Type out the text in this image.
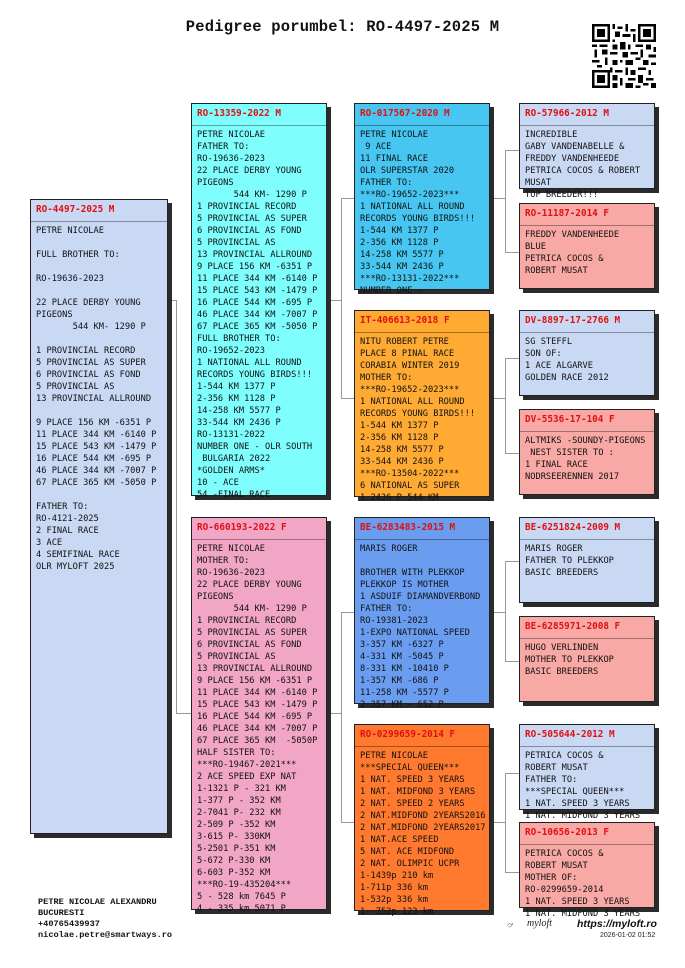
Pedigree porumbel: RO-4497-2025 M
RO-4497-2025 M
PETRE NICOLAE
FULL BROTHER TO:
RO-19636-2023
22 PLACE DERBY YOUNG
PIGEONS
544 KM- 1290 P
1 PROVINCIAL RECORD
5 PROVINCIAL AS SUPER
6 PROVINCIAL AS FOND
5 PROVINCIAL AS
13 PROVINCIAL ALLROUND
9 PLACE 156 KM -6351 P
11 PLACE 344 KM -6140 P
15 PLACE 543 KM -1479 P
16 PLACE 544 KM -695 P
46 PLACE 344 KM -7007 P
67 PLACE 365 KM -5050 P
FATHER TO:
RO-4121-2025
2 FINAL RACE
3 ACE
4 SEMIFINAL RACE
OLR MYLOFT 2025
RO-13359-2022 M
PETRE NICOLAE
FATHER TO:
RO-19636-2023
22 PLACE DERBY YOUNG
PIGEONS
544 KM- 1290 P
1 PROVINCIAL RECORD
5 PROVINCIAL AS SUPER
6 PROVINCIAL AS FOND
5 PROVINCIAL AS
13 PROVINCIAL ALLROUND
9 PLACE 156 KM -6351 P
11 PLACE 344 KM -6140 P
15 PLACE 543 KM -1479 P
16 PLACE 544 KM -695 P
46 PLACE 344 KM -7007 P
67 PLACE 365 KM -5050 P
FULL BROTHER TO:
RO-19652-2023
1 NATIONAL ALL ROUND
RECORDS YOUNG BIRDS!!!
1-544 KM 1377 P
2-356 KM 1128 P
14-258 KM 5577 P
33-544 KM 2436 P
RO-13131-2022
NUMBER ONE - OLR SOUTH
BULGARIA 2022
*GOLDEN ARMS*
10 - ACE
54 -FINAL RACE
RO-660193-2022 F
PETRE NICOLAE
MOTHER TO:
RO-19636-2023
22 PLACE DERBY YOUNG
PIGEONS
544 KM- 1290 P
1 PROVINCIAL RECORD
5 PROVINCIAL AS SUPER
6 PROVINCIAL AS FOND
5 PROVINCIAL AS
13 PROVINCIAL ALLROUND
9 PLACE 156 KM -6351 P
11 PLACE 344 KM -6140 P
15 PLACE 543 KM -1479 P
16 PLACE 544 KM -695 P
46 PLACE 344 KM -7007 P
67 PLACE 365 KM  -5050P
HALF SISTER TO:
***RO-19467-2021***
2 ACE SPEED EXP NAT
1-1321 P - 321 KM
1-377 P - 352 KM
2-7041 P- 232 KM
2-509 P -352 KM
3-615 P- 330KM
5-2501 P-351 KM
5-672 P-330 KM
6-603 P-352 KM
***RO-19-435204***
5 - 528 km 7645 P
4 - 335 km 5071 P
RO-017567-2020 M
PETRE NICOLAE
9 ACE
11 FINAL RACE
OLR SUPERSTAR 2020
FATHER TO:
***RO-19652-2023***
1 NATIONAL ALL ROUND
RECORDS YOUNG BIRDS!!!
1-544 KM 1377 P
2-356 KM 1128 P
14-258 KM 5577 P
33-544 KM 2436 P
***RO-13131-2022***
NUMBER ONE -
IT-406613-2018 F
NITU ROBERT PETRE
PLACE 8 PINAL RACE
CORABIA WINTER 2019
MOTHER TO:
***RO-19652-2023***
1 NATIONAL ALL ROUND
RECORDS YOUNG BIRDS!!!
1-544 KM 1377 P
2-356 KM 1128 P
14-258 KM 5577 P
33-544 KM 2436 P
***RO-13504-2022***
6 NATIONAL AS SUPER
1 2436 P 544 KM
BE-6283483-2015 M
MARIS ROGER
BROTHER WITH PLEKKOP
PLEKKOP IS MOTHER
1 ASDUIF DIAMANDVERBOND
FATHER TO:
RO-19381-2023
1-EXPO NATIONAL SPEED
3-357 KM -6327 P
4-331 KM -5045 P
8-331 KM -10410 P
1-357 KM -686 P
11-258 KM -5577 P
2 357 KM - 652 P
RO-0299659-2014 F
PETRE NICOLAE
***SPECIAL QUEEN***
1 NAT. SPEED 3 YEARS
1 NAT. MIDFOND 3 YEARS
2 NAT. SPEED 2 YEARS
2 NAT.MIDFOND 2YEARS2016
2 NAT.MIDFOND 2YEARS2017
1 NAT.ACE SPEED
5 NAT. ACE MIDFOND
2 NAT. OLIMPIC UCPR
1-1439p 210 km
1-711p 336 km
1-532p 336 km
1- 752p 123 km
RO-57966-2012 M
INCREDIBLE
GABY VANDENABELLE &
FREDDY VANDENHEEDE
PETRICA COCOS & ROBERT
MUSAT
TOP BREEDER!!!
RO-11187-2014 F
FREDDY VANDENHEEDE
BLUE
PETRICA COCOS &
ROBERT MUSAT
DV-8897-17-2766 M
SG STEFFL
SON OF:
1 ACE ALGARVE
GOLDEN RACE 2012
DV-5536-17-104 F
ALTMIKS -SOUNDY-PIGEONS
NEST SISTER TO :
1 FINAL RACE
NODRSEERENNEN 2017
BE-6251824-2009 M
MARIS ROGER
FATHER TO PLEKKOP
BASIC BREEDERS
BE-6285971-2008 F
HUGO VERLINDEN
MOTHER TO PLEKKOP
BASIC BREEDERS
RO-505644-2012 M
PETRICA COCOS &
ROBERT MUSAT
FATHER TO:
***SPECIAL QUEEN***
1 NAT. SPEED 3 YEARS
1 NAT. MIDFOND 3 YEARS
RO-10656-2013 F
PETRICA COCOS &
ROBERT MUSAT
MOTHER OF:
RO-0299659-2014
1 NAT. SPEED 3 YEARS
1 NAT. MIDFOND 3 YEARS
PETRE NICOLAE ALEXANDRU
BUCURESTI
+40765439937
nicolae.petre@smartways.ro
myloft https://myloft.ro
2026-01-02 01:52
